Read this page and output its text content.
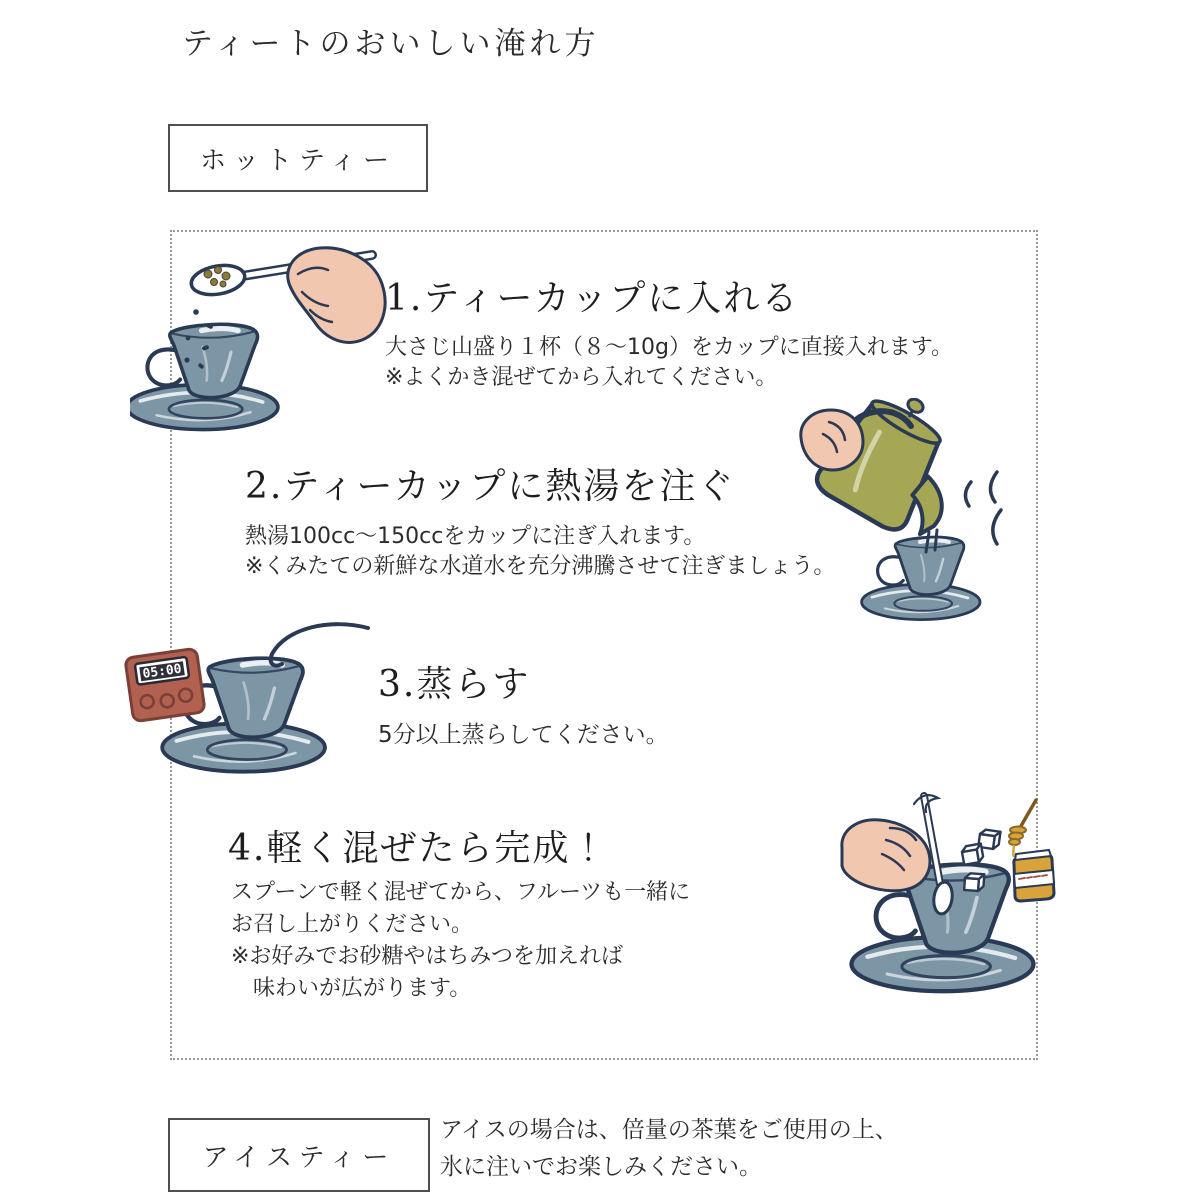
ティートのおいしい淹れ方
ホットティー
1.ティーカップに入れる
大さじ山盛り１杯（８～10g）をカップに直接入れます。
※よくかき混ぜてから入れてください。
2.ティーカップに熱湯を注ぐ
熱湯100cc～150ccをカップに注ぎ入れます。
※くみたての新鮮な水道水を充分沸騰させて注ぎましょう。
05:00	3.蒸らす
5分以上蒸らしてください。
4.軽く混ぜたら完成！
スプーンで軽く混ぜてから、フルーツも一緒に
お召し上がりください。
※お好みでお砂糖やはちみつを加えれば
　味わいが広がります。
アイスティー
アイスの場合は、倍量の茶葉をご使用の上、
氷に注いでお楽しみください。
